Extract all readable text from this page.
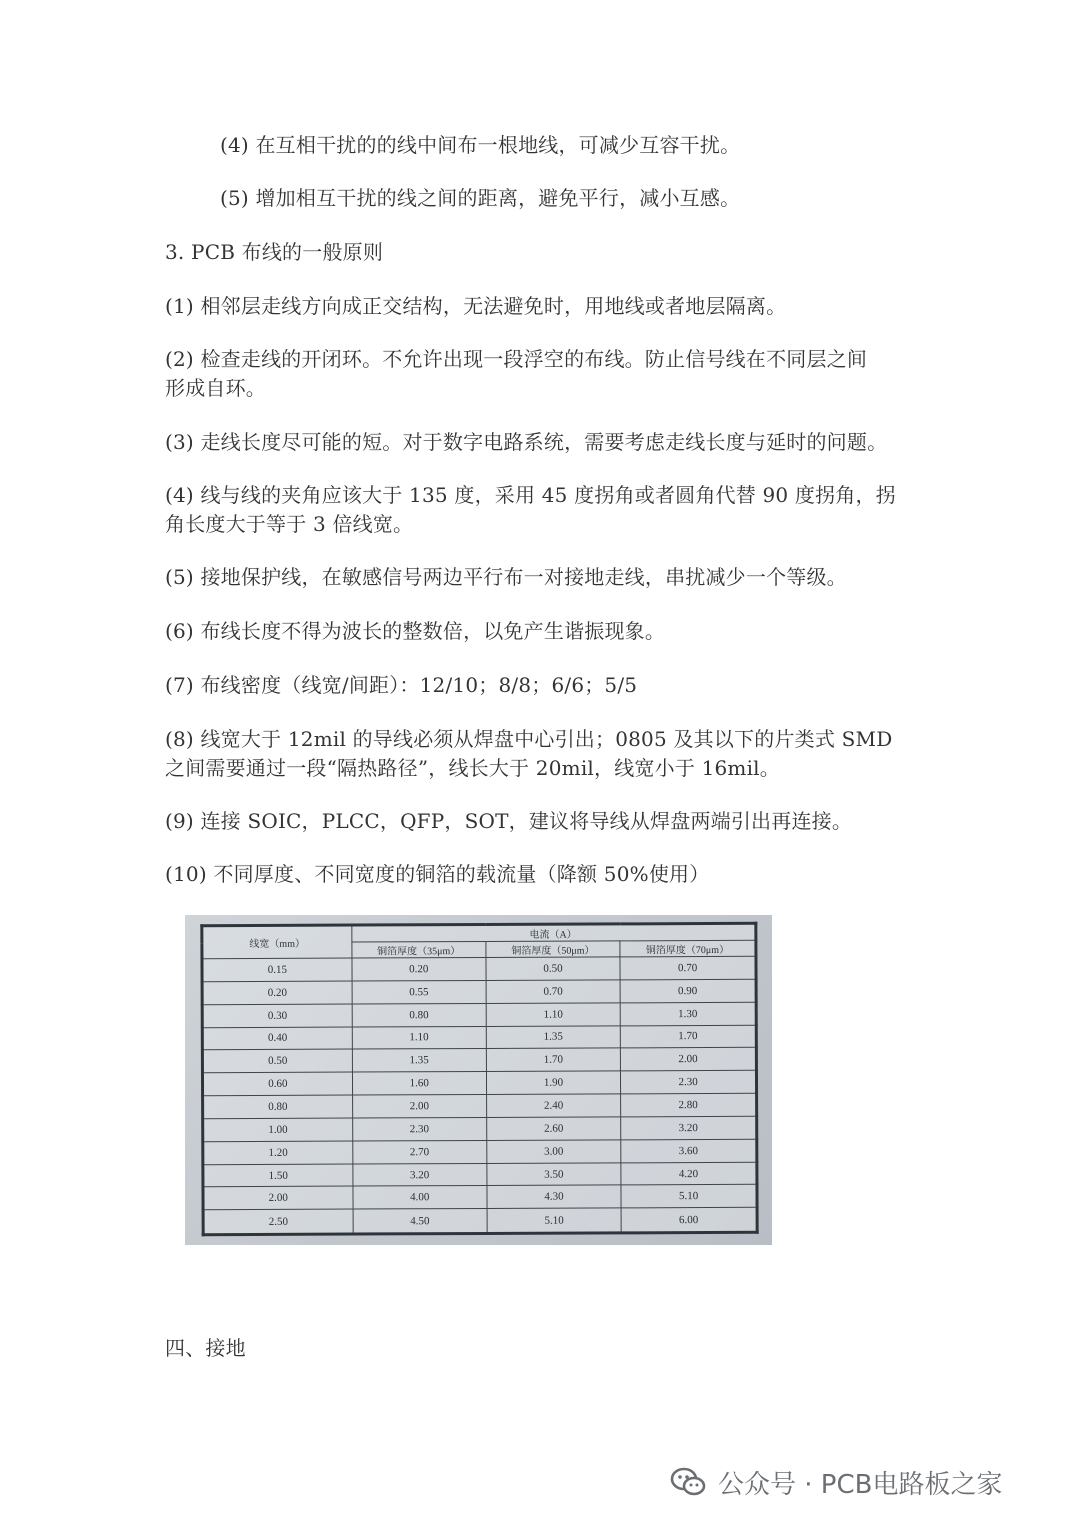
(4) 在互相干扰的的线中间布一根地线，可减少互容干扰。
(5) 增加相互干扰的线之间的距离，避免平行，减小互感。
3. PCB 布线的一般原则
(1) 相邻层走线方向成正交结构，无法避免时，用地线或者地层隔离。
(2) 检查走线的开闭环。不允许出现一段浮空的布线。防止信号线在不同层之间
形成自环。
(3) 走线长度尽可能的短。对于数字电路系统，需要考虑走线长度与延时的问题。
(4) 线与线的夹角应该大于 135 度，采用 45 度拐角或者圆角代替 90 度拐角，拐
角长度大于等于 3 倍线宽。
(5) 接地保护线，在敏感信号两边平行布一对接地走线，串扰减少一个等级。
(6) 布线长度不得为波长的整数倍，以免产生谐振现象。
(7) 布线密度（线宽/间距）：12/10；8/8；6/6；5/5
(8) 线宽大于 12mil 的导线必须从焊盘中心引出；0805 及其以下的片类式 SMD
之间需要通过一段“隔热路径”，线长大于 20mil，线宽小于 16mil。
(9) 连接 SOIC，PLCC，QFP，SOT，建议将导线从焊盘两端引出再连接。
(10) 不同厚度、不同宽度的铜箔的载流量（降额 50%使用）
线宽（mm）	电流（A）		
	铜箔厚度（35μm）	铜箔厚度（50μm）	铜箔厚度（70μm）
0.15	0.20	0.50	0.70
0.20	0.55	0.70	0.90
0.30	0.80	1.10	1.30
0.40	1.10	1.35	1.70
0.50	1.35	1.70	2.00
0.60	1.60	1.90	2.30
0.80	2.00	2.40	2.80
1.00	2.30	2.60	3.20
1.20	2.70	3.00	3.60
1.50	3.20	3.50	4.20
2.00	4.00	4.30	5.10
2.50	4.50	5.10	6.00
四、接地
公众号 · PCB电路板之家
